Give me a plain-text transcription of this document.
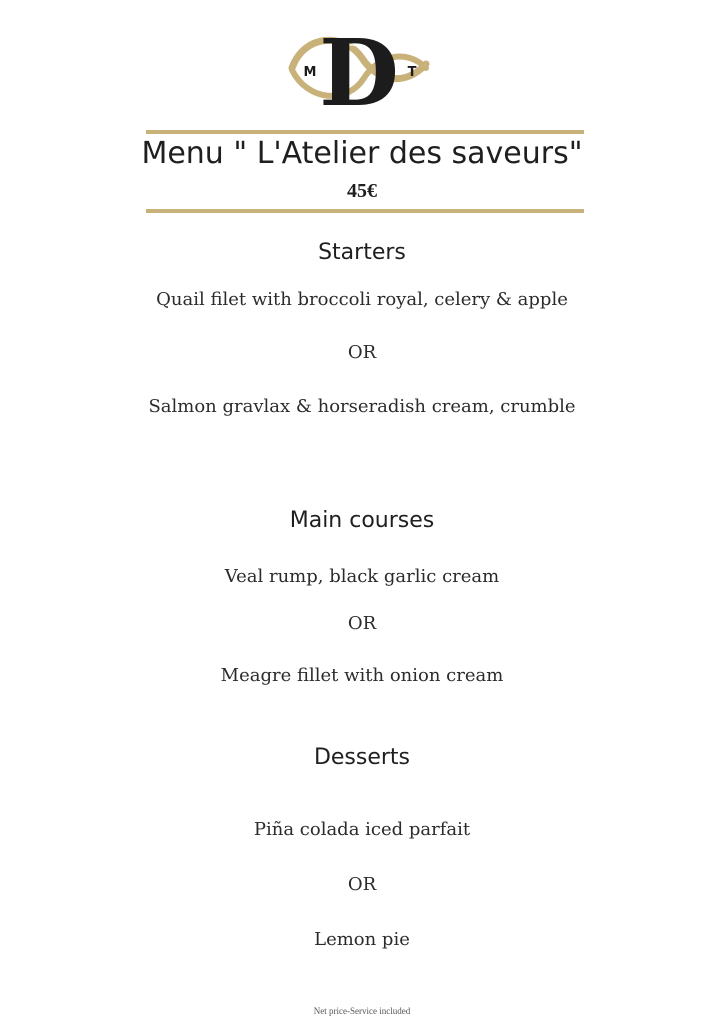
D
M	T
Menu " L'Atelier des saveurs"
45€
Starters
Quail filet with broccoli royal, celery & apple
OR
Salmon gravlax & horseradish cream, crumble
Main courses
Veal rump, black garlic cream
OR
Meagre fillet with onion cream
Desserts
Piña colada iced parfait
OR
Lemon pie
Net price-Service included
